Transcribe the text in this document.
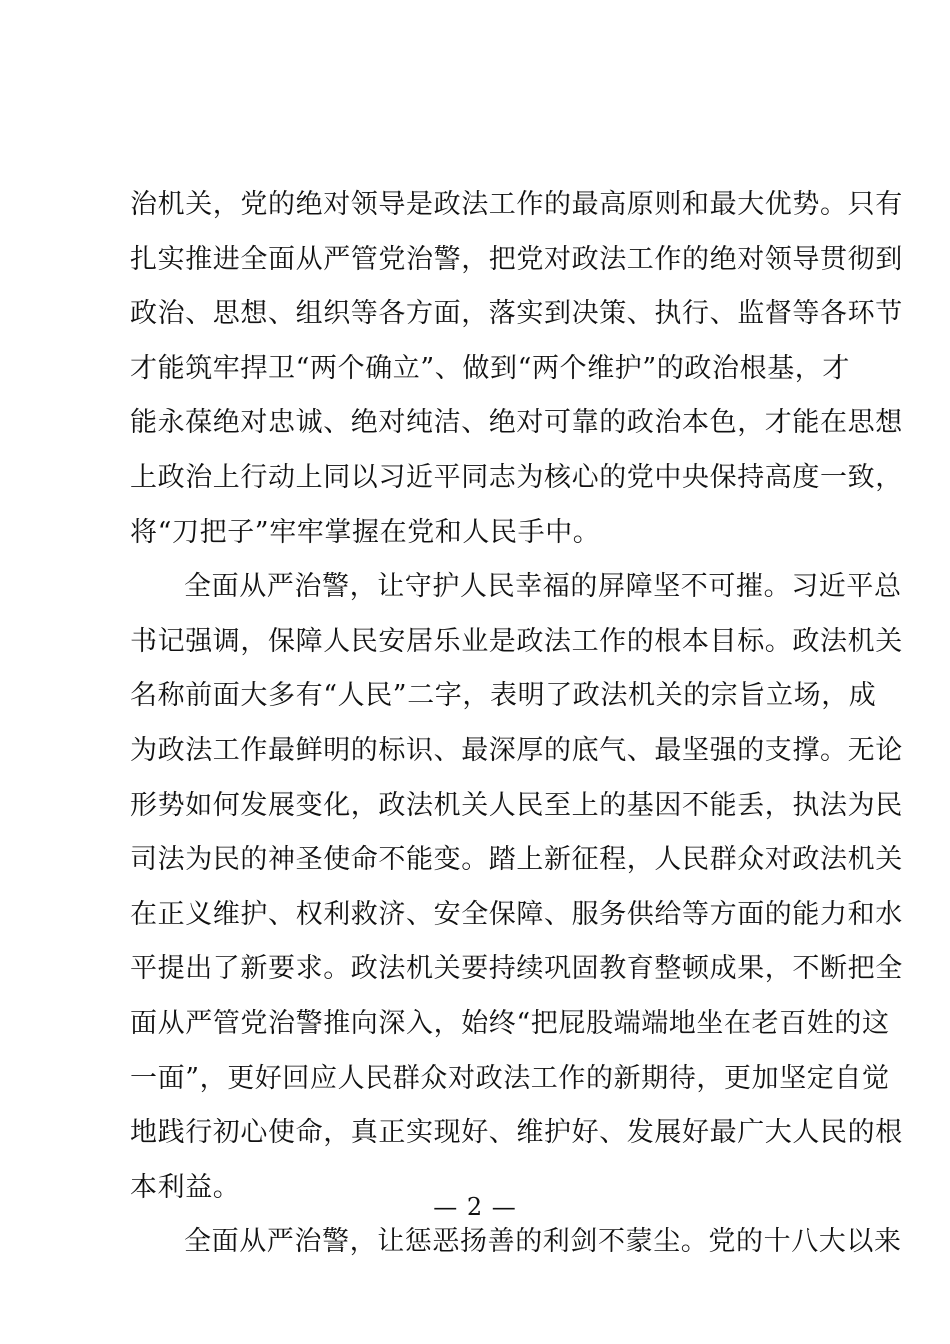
治机关，党的绝对领导是政法工作的最高原则和最大优势。只有
扎实推进全面从严管党治警，把党对政法工作的绝对领导贯彻到
政治、思想、组织等各方面，落实到决策、执行、监督等各环节
才能筑牢捍卫“两个确立”、做到“两个维护”的政治根基，才
能永葆绝对忠诚、绝对纯洁、绝对可靠的政治本色，才能在思想
上政治上行动上同以习近平同志为核心的党中央保持高度一致，
将“刀把子”牢牢掌握在党和人民手中。
全面从严治警，让守护人民幸福的屏障坚不可摧。习近平总
书记强调，保障人民安居乐业是政法工作的根本目标。政法机关
名称前面大多有“人民”二字，表明了政法机关的宗旨立场，成
为政法工作最鲜明的标识、最深厚的底气、最坚强的支撑。无论
形势如何发展变化，政法机关人民至上的基因不能丢，执法为民
司法为民的神圣使命不能变。踏上新征程，人民群众对政法机关
在正义维护、权利救济、安全保障、服务供给等方面的能力和水
平提出了新要求。政法机关要持续巩固教育整顿成果，不断把全
面从严管党治警推向深入，始终“把屁股端端地坐在老百姓的这
一面”，更好回应人民群众对政法工作的新期待，更加坚定自觉
地践行初心使命，真正实现好、维护好、发展好最广大人民的根
本利益。
全面从严治警，让惩恶扬善的利剑不蒙尘。党的十八大以来
— 2 —
